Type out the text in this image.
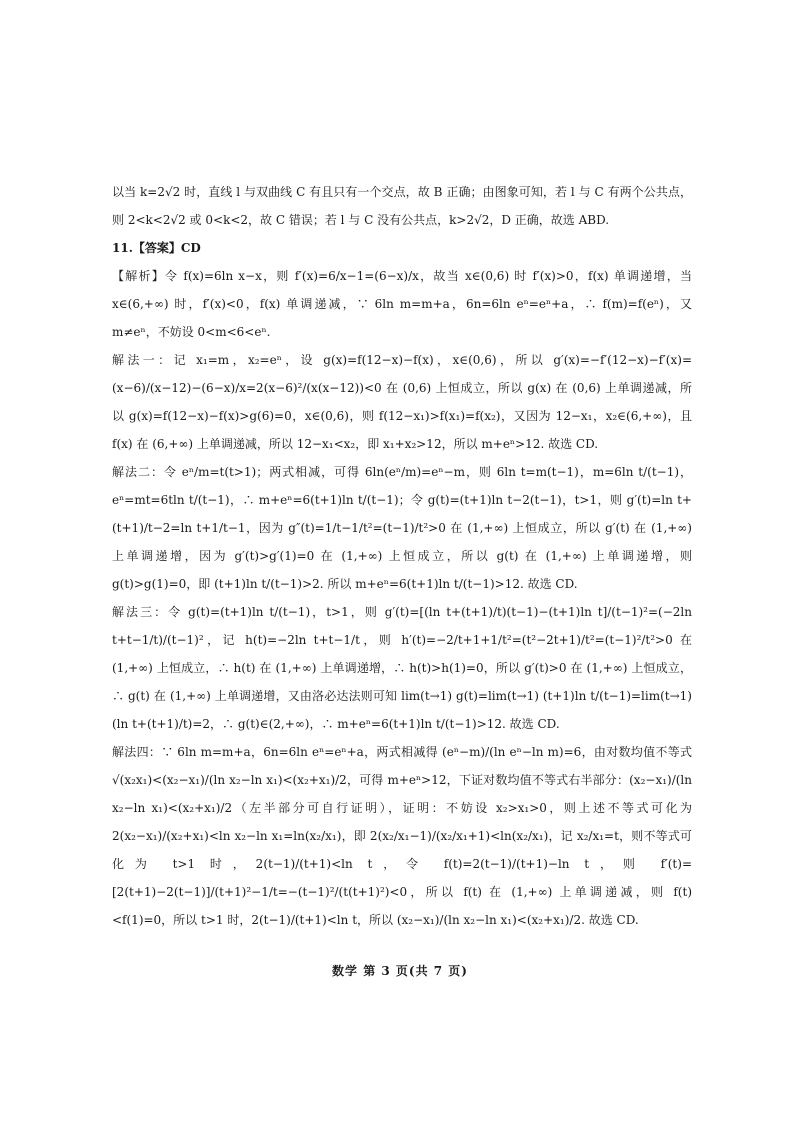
以当 k=2√2 时，直线 l 与双曲线 C 有且只有一个交点，故 B 正确；由图象可知，若 l 与 C 有两个公共点，则 2<k<2√2 或 0<k<2，故 C 错误；若 l 与 C 没有公共点，k>2√2，D 正确，故选 ABD.

11.【答案】CD

【解析】令 f(x)=6ln x−x，则 f′(x)=6/x−1=(6−x)/x，故当 x∈(0,6) 时 f′(x)>0，f(x) 单调递增，当 x∈(6,+∞) 时，f′(x)<0，f(x) 单调递减，∵ 6ln m=m+a，6n=6ln eⁿ=eⁿ+a，∴ f(m)=f(eⁿ)，又 m≠eⁿ，不妨设 0<m<6<eⁿ.

解法一：记 x₁=m，x₂=eⁿ，设 g(x)=f(12−x)−f(x)，x∈(0,6)，所以 g′(x)=−f′(12−x)−f′(x)=(x−6)/(x−12)−(6−x)/x=2(x−6)²/(x(x−12))<0 在 (0,6) 上恒成立，所以 g(x) 在 (0,6) 上单调递减，所以 g(x)=f(12−x)−f(x)>g(6)=0，x∈(0,6)，则 f(12−x₁)>f(x₁)=f(x₂)，又因为 12−x₁，x₂∈(6,+∞)，且 f(x) 在 (6,+∞) 上单调递减，所以 12−x₁<x₂，即 x₁+x₂>12，所以 m+eⁿ>12. 故选 CD.

解法二：令 eⁿ/m=t(t>1)；两式相减，可得 6ln(eⁿ/m)=eⁿ−m，则 6ln t=m(t−1)，m=6ln t/(t−1)，eⁿ=mt=6tln t/(t−1)，∴ m+eⁿ=6(t+1)ln t/(t−1)；令 g(t)=(t+1)ln t−2(t−1)，t>1，则 g′(t)=ln t+(t+1)/t−2=ln t+1/t−1，因为 g″(t)=1/t−1/t²=(t−1)/t²>0 在 (1,+∞) 上恒成立，所以 g′(t) 在 (1,+∞) 上单调递增，因为 g′(t)>g′(1)=0 在 (1,+∞) 上恒成立，所以 g(t) 在 (1,+∞) 上单调递增，则 g(t)>g(1)=0，即 (t+1)ln t/(t−1)>2. 所以 m+eⁿ=6(t+1)ln t/(t−1)>12. 故选 CD.

解法三：令 g(t)=(t+1)ln t/(t−1)，t>1，则 g′(t)=[(ln t+(t+1)/t)(t−1)−(t+1)ln t]/(t−1)²=(−2ln t+t−1/t)/(t−1)²，记 h(t)=−2ln t+t−1/t，则 h′(t)=−2/t+1+1/t²=(t²−2t+1)/t²=(t−1)²/t²>0 在 (1,+∞) 上恒成立，∴ h(t) 在 (1,+∞) 上单调递增，∴ h(t)>h(1)=0，所以 g′(t)>0 在 (1,+∞) 上恒成立，∴ g(t) 在 (1,+∞) 上单调递增，又由洛必达法则可知 lim(t→1) g(t)=lim(t→1) (t+1)ln t/(t−1)=lim(t→1) (ln t+(t+1)/t)=2，∴ g(t)∈(2,+∞)，∴ m+eⁿ=6(t+1)ln t/(t−1)>12. 故选 CD.

解法四：∵ 6ln m=m+a，6n=6ln eⁿ=eⁿ+a，两式相减得 (eⁿ−m)/(ln eⁿ−ln m)=6，由对数均值不等式 √(x₂x₁)<(x₂−x₁)/(ln x₂−ln x₁)<(x₂+x₁)/2，可得 m+eⁿ>12，下证对数均值不等式右半部分：(x₂−x₁)/(ln x₂−ln x₁)<(x₂+x₁)/2（左半部分可自行证明），证明：不妨设 x₂>x₁>0，则上述不等式可化为 2(x₂−x₁)/(x₂+x₁)<ln x₂−ln x₁=ln(x₂/x₁)，即 2(x₂/x₁−1)/(x₂/x₁+1)<ln(x₂/x₁)，记 x₂/x₁=t，则不等式可化为 t>1 时，2(t−1)/(t+1)<ln t，令 f(t)=2(t−1)/(t+1)−ln t，则 f′(t)=[2(t+1)−2(t−1)]/(t+1)²−1/t=−(t−1)²/(t(t+1)²)<0，所以 f(t) 在 (1,+∞) 上单调递减，则 f(t)<f(1)=0，所以 t>1 时，2(t−1)/(t+1)<ln t，所以 (x₂−x₁)/(ln x₂−ln x₁)<(x₂+x₁)/2. 故选 CD.

数学 第 3 页(共 7 页)
